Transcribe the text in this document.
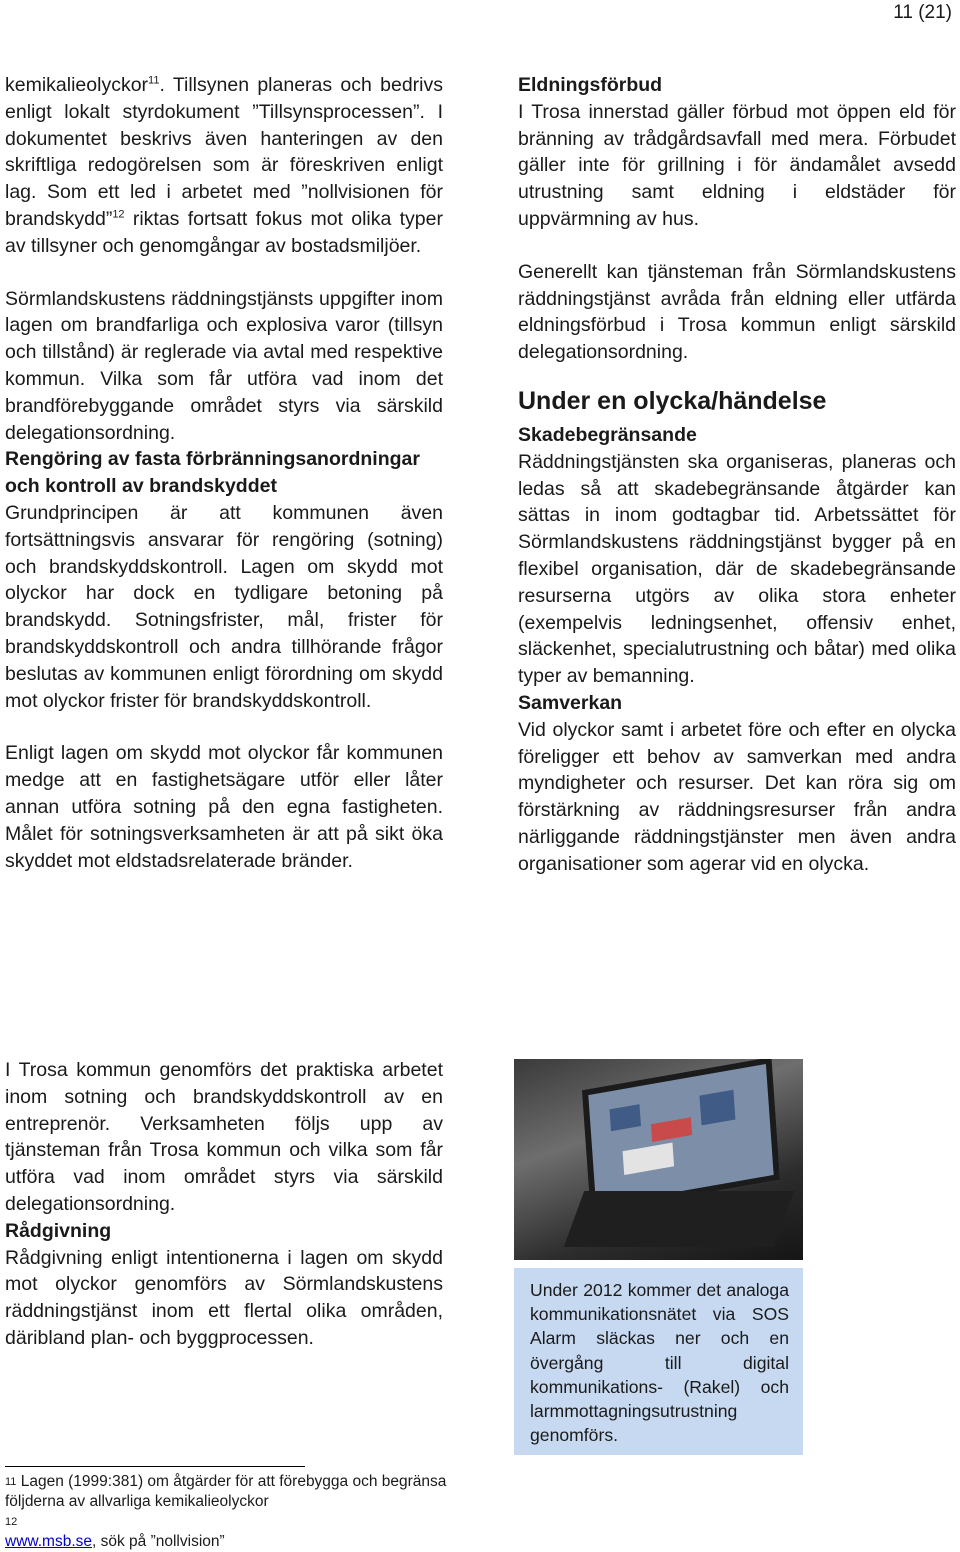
11 (21)

kemikalieolyckor$^{11}$. Tillsynen planeras och bedrivs enligt lokalt styrdokument ”Tillsynsprocessen”. I dokumentet beskrivs även hanteringen av den skriftliga redogörelsen som är föreskriven enligt lag. Som ett led i arbetet med ”nollvisionen för brandskydd”$^{12}$ riktas fortsatt fokus mot olika typer av tillsyner och genomgångar av bostadsmiljöer.

Sörmlandskustens räddningstjänsts uppgifter inom lagen om brandfarliga och explosiva varor (tillsyn och tillstånd) är reglerade via avtal med respektive kommun. Vilka som får utföra vad inom det brandförebyggande området styrs via särskild delegationsordning.

Rengöring av fasta förbränningsanordningar och kontroll av brandskyddet

Grundprincipen är att kommunen även fortsättningsvis ansvarar för rengöring (sotning) och brandskyddskontroll. Lagen om skydd mot olyckor har dock en tydligare betoning på brandskydd. Sotningsfrister, mål, frister för brandskyddskontroll och andra tillhörande frågor beslutas av kommunen enligt förordning om skydd mot olyckor frister för brandskyddskontroll.

Enligt lagen om skydd mot olyckor får kommunen medge att en fastighetsägare utför eller låter annan utföra sotning på den egna fastigheten. Målet för sotningsverksamheten är att på sikt öka skyddet mot eldstadsrelaterade bränder.

I Trosa kommun genomförs det praktiska arbetet inom sotning och brandskyddskontroll av en entreprenör. Verksamheten följs upp av tjänsteman från Trosa kommun och vilka som får utföra vad inom området styrs via särskild delegationsordning.

Rådgivning

Rådgivning enligt intentionerna i lagen om skydd mot olyckor genomförs av Sörmlandskustens räddningstjänst inom ett flertal olika områden, däribland plan- och byggprocessen.

Eldningsförbud

I Trosa innerstad gäller förbud mot öppen eld för bränning av trådgårdsavfall med mera. Förbudet gäller inte för grillning i för ändamålet avsedd utrustning samt eldning i eldstäder för uppvärmning av hus.

Generellt kan tjänsteman från Sörmlandskustens räddningstjänst avråda från eldning eller utfärda eldningsförbud i Trosa kommun enligt särskild delegationsordning.

Under en olycka/händelse
Skadebegränsande

Räddningstjänsten ska organiseras, planeras och ledas så att skadebegränsande åtgärder kan sättas in inom godtagbar tid. Arbetssättet för Sörmlandskustens räddningstjänst bygger på en flexibel organisation, där de skadebegränsande resurserna utgörs av olika stora enheter (exempelvis ledningsenhet, offensiv enhet, släckenhet, specialutrustning och båtar) med olika typer av bemanning.

Samverkan

Vid olyckor samt i arbetet före och efter en olycka föreligger ett behov av samverkan med andra myndigheter och resurser. Det kan röra sig om förstärkning av räddningsresurser från andra närliggande räddningstjänster men även andra organisationer som agerar vid en olycka.

Under 2012 kommer det analoga kommunikationsnätet via SOS Alarm släckas ner och en övergång till digital kommunikations- (Rakel) och larmmottagningsutrustning genomförs.

$^{11}$ Lagen (1999:381) om åtgärder för att förebygga och begränsa följderna av allvarliga kemikalieolyckor
$^{12}$
www.msb.se, sök på ”nollvision”
